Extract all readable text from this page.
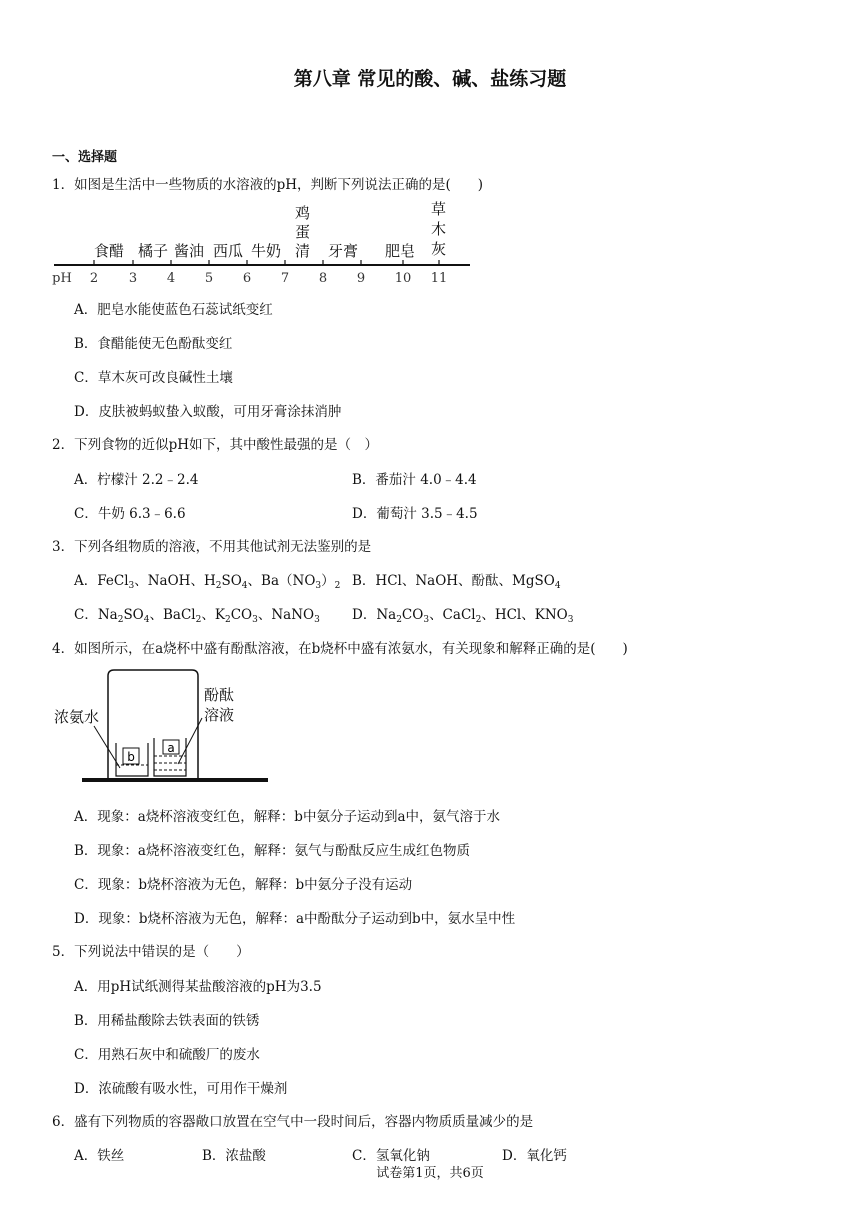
第八章 常见的酸、碱、盐练习题
一、选择题
1．如图是生活中一些物质的水溶液的pH，判断下列说法正确的是(　　)
食醋 橘子 酱油 西瓜 牛奶
鸡
蛋
清 牙膏 肥皂
草
木
灰
pH 2 3 4 5 6 7 8 9 10 11
A．肥皂水能使蓝色石蕊试纸变红
B．食醋能使无色酚酞变红
C．草木灰可改良碱性土壤
D．皮肤被蚂蚁蛰入蚁酸，可用牙膏涂抹消肿
2．下列食物的近似pH如下，其中酸性最强的是（　）
A．柠檬汁 2.2﹣2.4	B．番茄汁 4.0﹣4.4
C．牛奶 6.3﹣6.6	D．葡萄汁 3.5﹣4.5
3．下列各组物质的溶液，不用其他试剂无法鉴别的是
A．FeCl$_3$、NaOH、$H_2SO_4$、$Ba(NO_3)_2$ B．HCl、NaOH、酚酞、MgSO$_4$
C．$Na_2SO_4$、BaCl$_2$、$K_2CO_3$、NaNO$_3$ D．$Na_2CO_3$、CaCl$_2$、HCl、$KNO_3$
4．如图所示，在a烧杯中盛有酚酞溶液，在b烧杯中盛有浓氨水，有关现象和解释正确的是(　　)
b
a
浓氨水
酚酞
溶液
A．现象：a烧杯溶液变红色，解释：b中氨分子运动到a中，氨气溶于水
B．现象：a烧杯溶液变红色，解释：氨气与酚酞反应生成红色物质
C．现象：b烧杯溶液为无色，解释：b中氨分子没有运动
D．现象：b烧杯溶液为无色，解释：a中酚酞分子运动到b中，氨水呈中性
5．下列说法中错误的是（　　）
A．用pH试纸测得某盐酸溶液的pH为3.5
B．用稀盐酸除去铁表面的铁锈
C．用熟石灰中和硫酸厂的废水
D．浓硫酸有吸水性，可用作干燥剂
6．盛有下列物质的容器敞口放置在空气中一段时间后，容器内物质质量减少的是
A．铁丝	B．浓盐酸	C．氢氧化钠	D．氧化钙
试卷第1页，共6页
